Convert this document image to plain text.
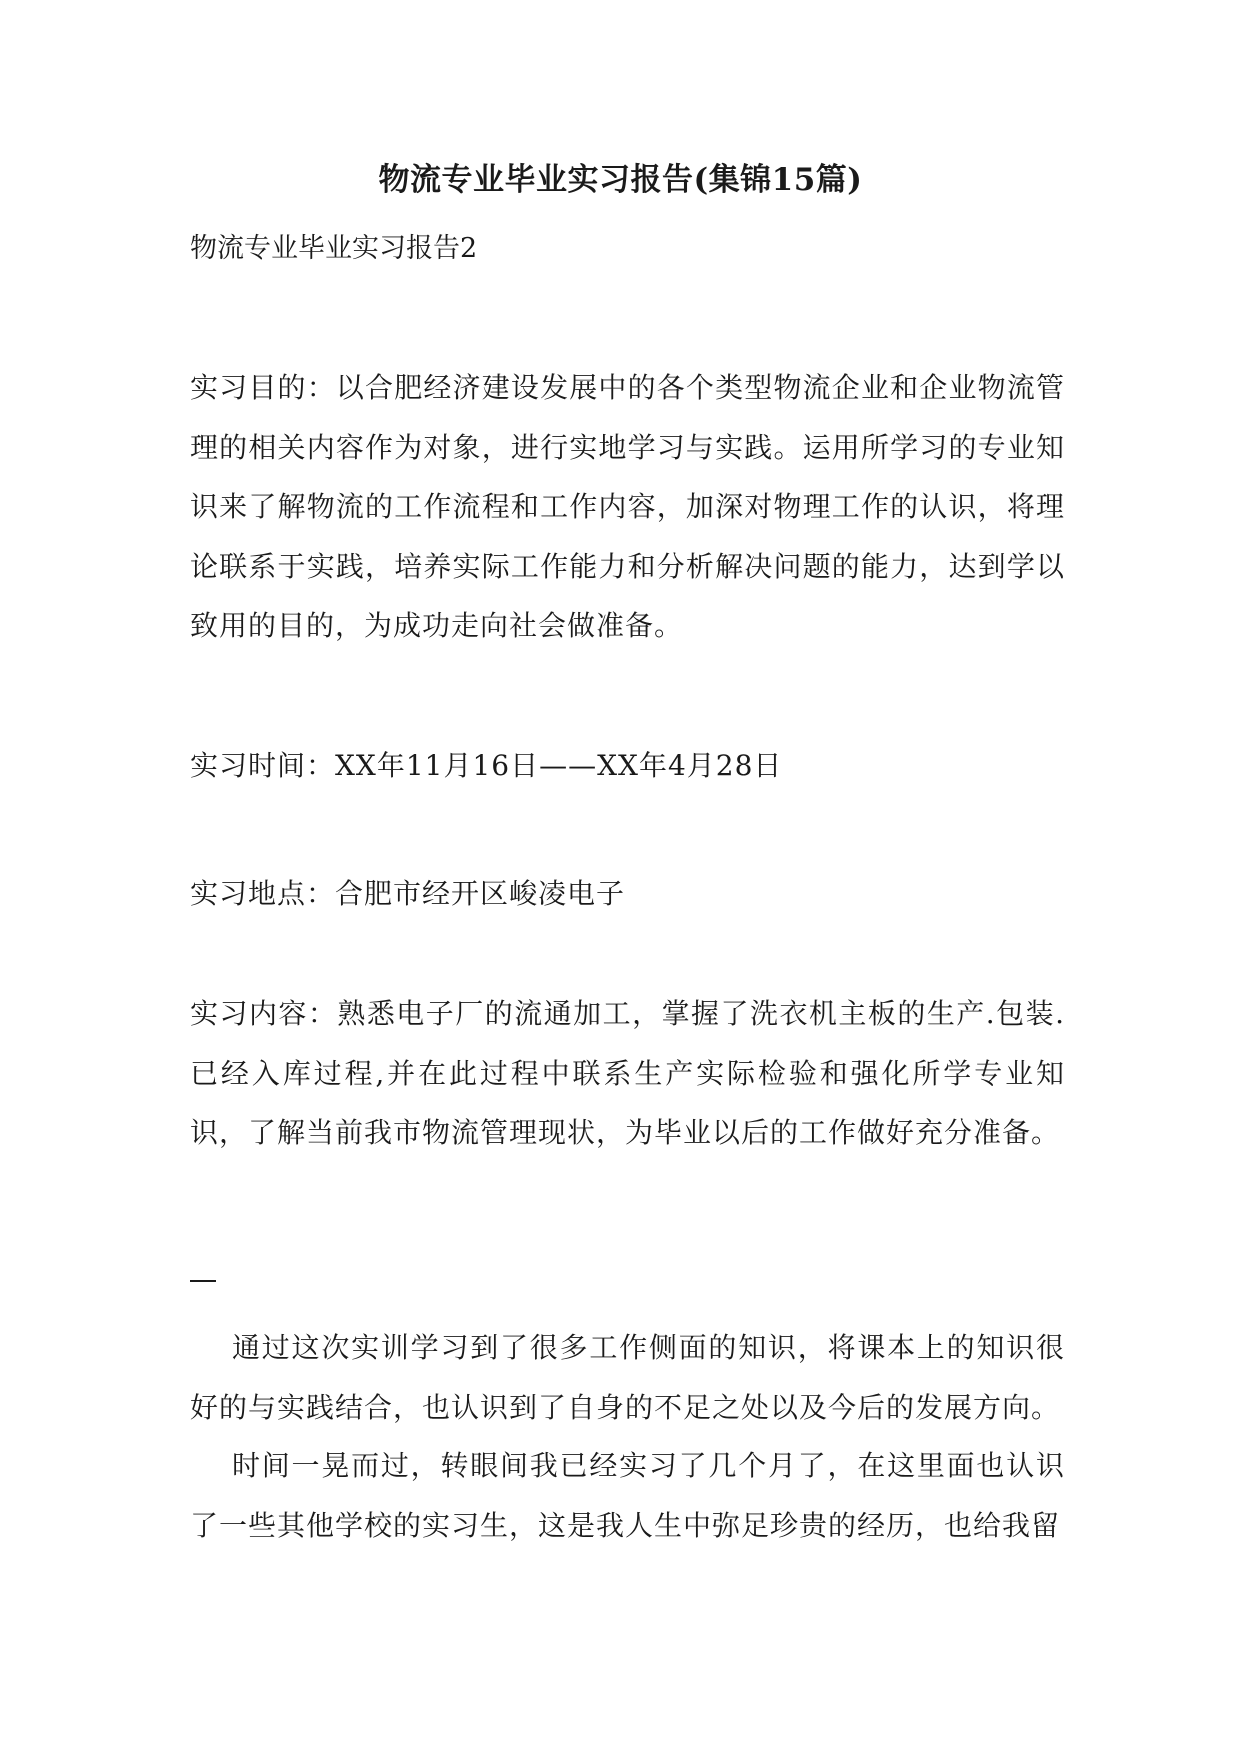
物流专业毕业实习报告(集锦15篇)
物流专业毕业实习报告2

实习目的：以合肥经济建设发展中的各个类型物流企业和企业物流管理的相关内容作为对象，进行实地学习与实践。运用所学习的专业知识来了解物流的工作流程和工作内容，加深对物理工作的认识，将理论联系于实践，培养实际工作能力和分析解决问题的能力，达到学以致用的目的，为成功走向社会做准备。

实习时间：XX年11月16日——XX年4月28日
实习地点：合肥市经开区峻凌电子

实习内容：熟悉电子厂的流通加工，掌握了洗衣机主板的生产.包装.已经入库过程,并在此过程中联系生产实际检验和强化所学专业知识，了解当前我市物流管理现状，为毕业以后的工作做好充分准备。

通过这次实训学习到了很多工作侧面的知识，将课本上的知识很好的与实践结合，也认识到了自身的不足之处以及今后的发展方向。

时间一晃而过，转眼间我已经实习了几个月了，在这里面也认识了一些其他学校的实习生，这是我人生中弥足珍贵的经历，也给我留
